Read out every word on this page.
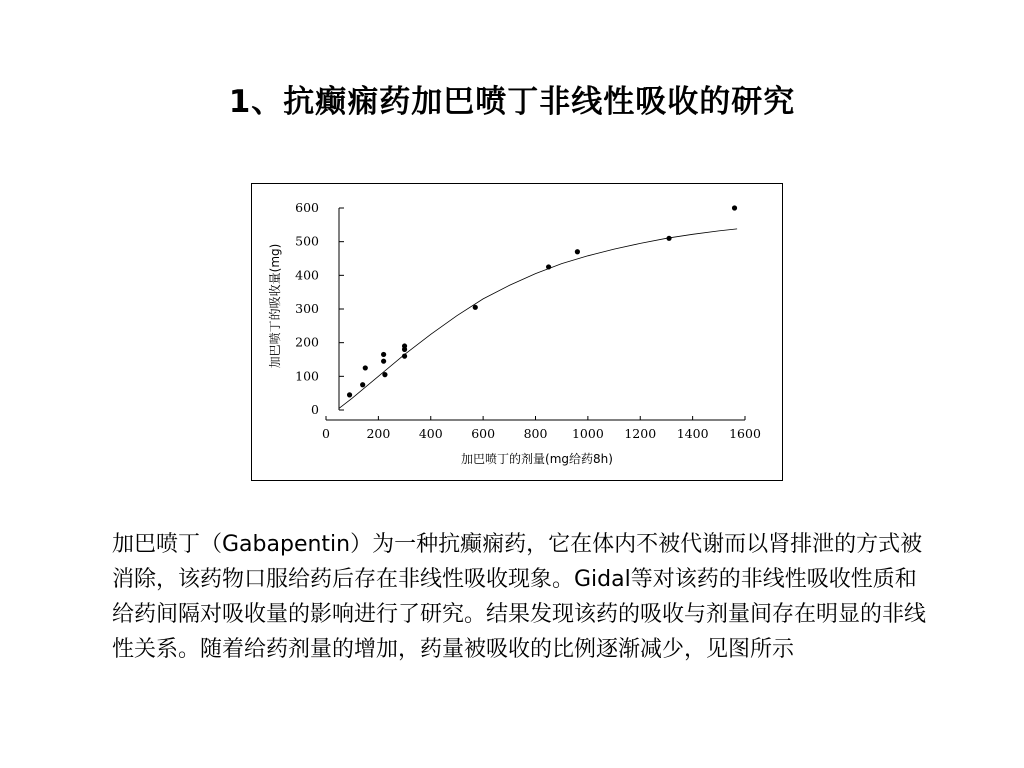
1、抗癫痫药加巴喷丁非线性吸收的研究
0
100
200
300
400
500
600
0	200 400 600 800 1000 1200 1400 1600
加巴喷丁的剂量(mg给药8h)
加巴喷丁的吸收量(mg)
加巴喷丁（Gabapentin）为一种抗癫痫药，它在体内不被代谢而以肾排泄的方式被消除，该药物口服给药后存在非线性吸收现象。Gidal等对该药的非线性吸收性质和给药间隔对吸收量的影响进行了研究。结果发现该药的吸收与剂量间存在明显的非线性关系。随着给药剂量的增加，药量被吸收的比例逐渐减少，见图所示
